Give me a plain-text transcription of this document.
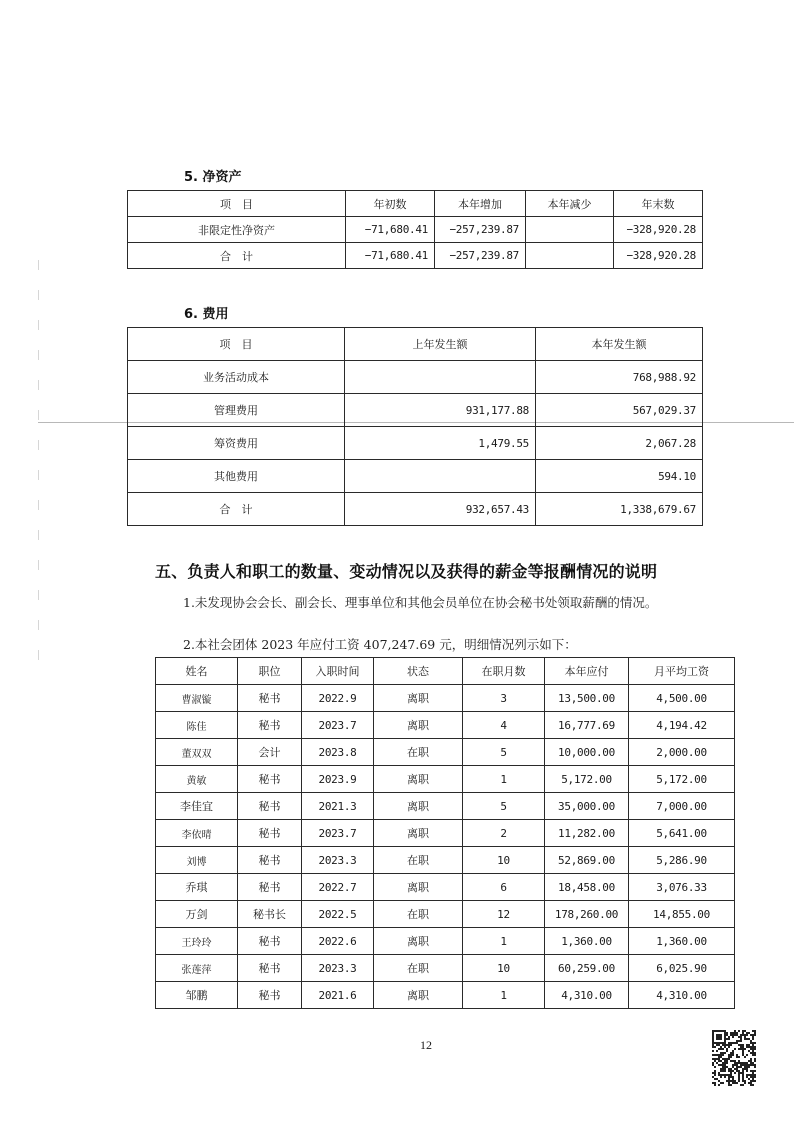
5. 净资产
项　目	年初数	本年增加	本年减少	年末数
非限定性净资产	−71,680.41	−257,239.87		−328,920.28
合　计	−71,680.41	−257,239.87		−328,920.28
6. 费用
项　目	上年发生额	本年发生额
业务活动成本		768,988.92
管理费用	931,177.88	567,029.37
筹资费用	1,479.55	2,067.28
其他费用		594.10
合　计	932,657.43	1,338,679.67
五、负责人和职工的数量、变动情况以及获得的薪金等报酬情况的说明
1.未发现协会会长、副会长、理事单位和其他会员单位在协会秘书处领取薪酬的情况。
2.本社会团体 2023 年应付工资 407,247.69 元，明细情况列示如下：
姓名	职位	入职时间	状态	在职月数	本年应付	月平均工资
曹淑镟	秘书	2022.9	离职	3	13,500.00	4,500.00
陈佳	秘书	2023.7	离职	4	16,777.69	4,194.42
董双双	会计	2023.8	在职	5	10,000.00	2,000.00
黄敏	秘书	2023.9	离职	1	5,172.00	5,172.00
李佳宜	秘书	2021.3	离职	5	35,000.00	7,000.00
李依晴	秘书	2023.7	离职	2	11,282.00	5,641.00
刘博	秘书	2023.3	在职	10	52,869.00	5,286.90
乔琪	秘书	2022.7	离职	6	18,458.00	3,076.33
万剑	秘书长	2022.5	在职	12	178,260.00	14,855.00
王玲玲	秘书	2022.6	离职	1	1,360.00	1,360.00
张莲萍	秘书	2023.3	在职	10	60,259.00	6,025.90
邹鹏	秘书	2021.6	离职	1	4,310.00	4,310.00
12
